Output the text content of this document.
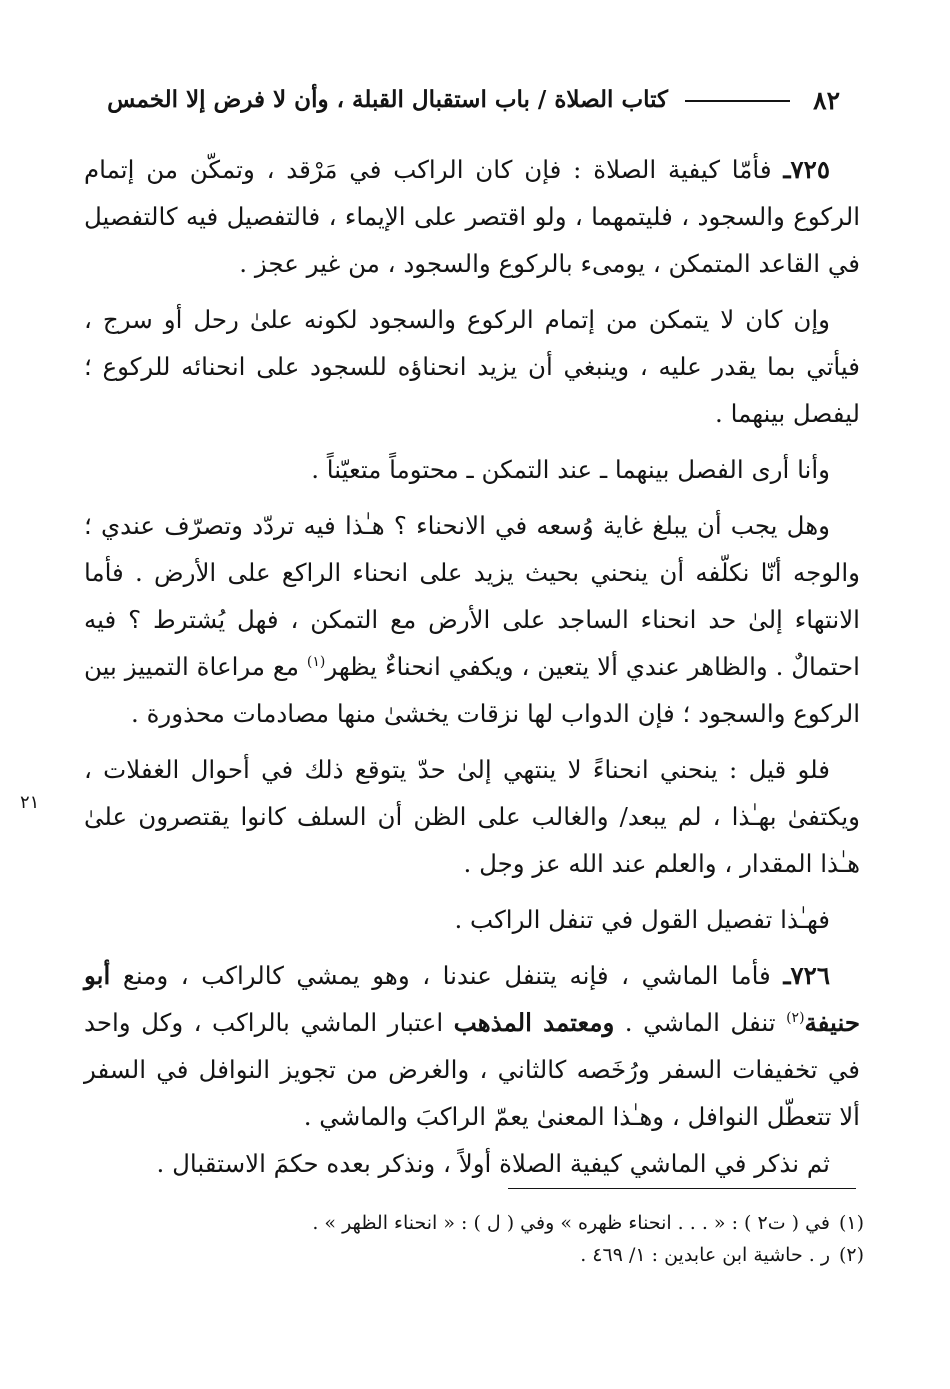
٨٢
كتاب الصلاة / باب استقبال القبلة ، وأن لا فرض إلا الخمس
٢١

٧٢٥ـ فأمّا كيفية الصلاة : فإن كان الراكب في مَرْقد ، وتمكّن من إتمام الركوع والسجود ، فليتمهما ، ولو اقتصر على الإيماء ، فالتفصيل فيه كالتفصيل في القاعد المتمكن ، يومىء بالركوع والسجود ، من غير عجز .

وإن كان لا يتمكن من إتمام الركوع والسجود لكونه علىٰ رحل أو سرج ، فيأتي بما يقدر عليه ، وينبغي أن يزيد انحناؤه للسجود على انحنائه للركوع ؛ ليفصل بينهما .

وأنا أرى الفصل بينهما ـ عند التمكن ـ محتوماً متعيّناً .

وهل يجب أن يبلغ غاية وُسعه في الانحناء ؟ هـٰذا فيه تردّد وتصرّف عندي ؛ والوجه أنّا نكلّفه أن ينحني بحيث يزيد على انحناء الراكع على الأرض . فأما الانتهاء إلىٰ حد انحناء الساجد على الأرض مع التمكن ، فهل يُشترط ؟ فيه احتمالٌ . والظاهر عندي ألا يتعين ، ويكفي انحناءٌ يظهر$^{(١)}$ مع مراعاة التمييز بين الركوع والسجود ؛ فإن الدواب لها نزقات يخشىٰ منها مصادمات محذورة .

فلو قيل : ينحني انحناءً لا ينتهي إلىٰ حدّ يتوقع ذلك في أحوال الغفلات ، ويكتفىٰ بهـٰذا ، لم يبعد/ والغالب على الظن أن السلف كانوا يقتصرون علىٰ هـٰذا المقدار ، والعلم عند الله عز وجل .

فهـٰذا تفصيل القول في تنفل الراكب .

٧٢٦ـ فأما الماشي ، فإنه يتنفل عندنا ، وهو يمشي كالراكب ، ومنع أبو حنيفة$^{(٢)}$ تنفل الماشي . ومعتمد المذهب اعتبار الماشي بالراكب ، وكل واحد في تخفيفات السفر ورُخَصه كالثاني ، والغرض من تجويز النوافل في السفر ألا تتعطّل النوافل ، وهـٰذا المعنىٰ يعمّ الراكبَ والماشي .

ثم نذكر في الماشي كيفية الصلاة أولاً ، ونذكر بعده حكمَ الاستقبال .

(١)في ( ت٢ ) : « . . . انحناء ظهره » وفي ( ل ) : « انحناء الظهر » .

(٢)ر . حاشية ابن عابدين : ١/ ٤٦٩ .
